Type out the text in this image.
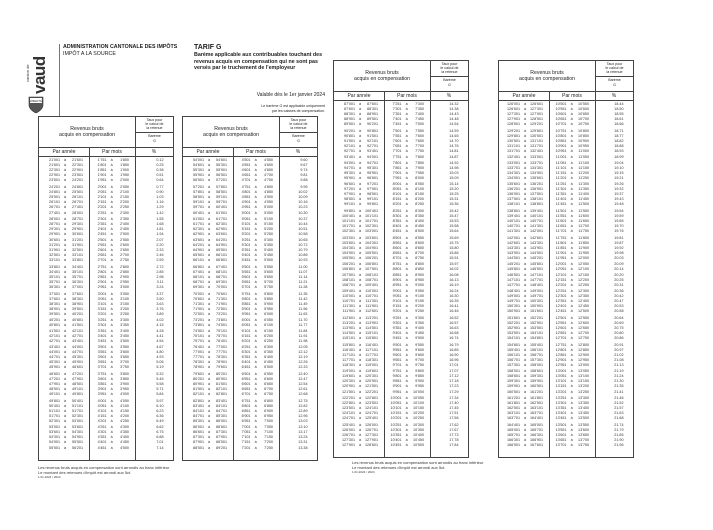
canton de vaud
LIBERTÉ
ADMINISTRATION CANTONALE DES IMPÔTS
IMPÔT A LA SOURCE
TARIF G
Barème applicable aux contribuables touchant des
revenus acquis en compensation qui ne sont pas
versés par le truchement de l'employeur
Valable dès le 1er janvier 2024
Le barème G est applicable uniquement
par les caisses de compensation.
Les revenus bruts acquis en compensation sont arrondis au franc inférieur
Le montant des retenues d'impôt est arrondi aux 5ct.
1.01.2024 / 2024
Les revenus bruts acquis en compensation sont arrondis au franc inférieur
Le montant des retenues d'impôt est arrondi aux 5ct.
1.01.2024 / 2024
Revenus bruts
acquis en compensation
Taux pour
le calcul de
la retenue
Barème
G
Par année	Par mois	%
21'001 à 21'601	1'751 à 1'800	0.12
21'601 à 22'301	1'801 à 1'850	0.25
22'301 à 22'901	1'851 à 1'900	0.38
22'901 à 23'501	1'901 à 1'950	0.51
23'501 à 24'201	1'951 à 2'000	0.64
24'201 à 24'801	2'001 à 2'050	0.77
24'801 à 25'501	2'051 à 2'100	0.90
25'501 à 26'101	2'101 à 2'150	1.03
26'101 à 26'701	2'151 à 2'200	1.16
26'701 à 27'401	2'201 à 2'250	1.29
27'401 à 28'001	2'251 à 2'300	1.42
28'001 à 28'701	2'301 à 2'350	1.55
28'701 à 29'301	2'351 à 2'400	1.68
29'301 à 29'901	2'401 à 2'450	1.81
29'901 à 30'601	2'451 à 2'500	1.94
30'601 à 31'201	2'501 à 2'550	2.07
31'201 à 31'901	2'551 à 2'600	2.20
31'901 à 32'501	2'601 à 2'650	2.33
32'501 à 33'101	2'651 à 2'700	2.46
33'101 à 33'801	2'701 à 2'750	2.59
33'801 à 34'401	2'751 à 2'800	2.72
34'401 à 35'101	2'801 à 2'850	2.85
35'101 à 35'701	2'851 à 2'900	2.98
35'701 à 36'301	2'901 à 2'950	3.11
36'301 à 37'001	2'951 à 3'000	3.24
37'001 à 37'601	3'001 à 3'050	3.37
37'601 à 38'301	3'051 à 3'100	3.50
38'301 à 38'901	3'101 à 3'150	3.63
38'901 à 39'501	3'151 à 3'200	3.76
39'501 à 40'201	3'201 à 3'250	3.89
40'201 à 40'801	3'251 à 3'300	4.02
40'801 à 41'501	3'301 à 3'350	4.15
41'501 à 42'101	3'351 à 3'400	4.28
42'101 à 42'701	3'401 à 3'450	4.41
42'701 à 43'401	3'451 à 3'500	4.54
43'401 à 44'001	3'501 à 3'550	4.67
44'001 à 44'701	3'551 à 3'600	4.80
44'701 à 45'301	3'601 à 3'650	4.93
45'301 à 45'901	3'651 à 3'700	5.06
45'901 à 46'601	3'701 à 3'750	5.19
46'601 à 47'201	3'751 à 3'800	5.32
47'201 à 47'901	3'801 à 3'850	5.45
47'901 à 48'501	3'851 à 3'900	5.58
48'501 à 49'101	3'901 à 3'950	5.71
49'101 à 49'801	3'951 à 4'000	5.84
49'801 à 50'401	4'001 à 4'050	5.97
50'401 à 51'101	4'051 à 4'100	6.10
51'101 à 51'701	4'101 à 4'150	6.23
51'701 à 52'301	4'151 à 4'200	6.36
52'301 à 53'001	4'201 à 4'250	6.49
53'001 à 53'601	4'251 à 4'300	6.62
53'601 à 54'301	4'301 à 4'350	6.75
54'301 à 54'901	4'351 à 4'400	6.88
54'901 à 55'501	4'401 à 4'450	7.01
55'501 à 56'201	4'451 à 4'500	7.14
Revenus bruts
acquis en compensation
Taux pour
le calcul de
la retenue
Barème
G
Par année	Par mois	%
54'001 à 54'601	4'501 à 4'550	9.60
54'601 à 55'301	4'551 à 4'600	9.67
55'301 à 55'901	4'601 à 4'650	9.74
55'901 à 56'501	4'651 à 4'700	9.81
56'501 à 57'201	4'701 à 4'750	9.88
57'201 à 57'801	4'751 à 4'800	9.95
57'801 à 58'501	4'801 à 4'850	10.02
58'501 à 59'101	4'851 à 4'900	10.09
59'101 à 59'701	4'901 à 4'950	10.16
59'701 à 60'401	4'951 à 5'000	10.23
60'401 à 61'001	5'001 à 5'050	10.30
61'001 à 61'701	5'051 à 5'100	10.37
61'701 à 62'301	5'101 à 5'150	10.44
62'301 à 62'901	5'151 à 5'200	10.51
62'901 à 63'601	5'201 à 5'250	10.58
63'601 à 64'201	5'251 à 5'300	10.65
64'201 à 64'901	5'301 à 5'350	10.72
64'901 à 65'501	5'351 à 5'400	10.79
65'501 à 66'101	5'401 à 5'450	10.86
66'101 à 66'801	5'451 à 5'500	10.93
66'801 à 67'401	5'501 à 5'550	11.00
67'401 à 68'101	5'551 à 5'600	11.07
68'101 à 68'701	5'601 à 5'650	11.14
68'701 à 69'301	5'651 à 5'700	11.21
69'301 à 70'001	5'701 à 5'750	11.28
70'001 à 70'601	5'751 à 5'800	11.35
70'601 à 71'301	5'801 à 5'850	11.42
71'301 à 71'901	5'851 à 5'900	11.49
71'901 à 72'501	5'901 à 5'950	11.56
72'501 à 73'201	5'951 à 6'000	11.63
73'201 à 73'801	6'001 à 6'050	11.70
73'801 à 74'501	6'051 à 6'100	11.77
74'501 à 75'101	6'101 à 6'150	11.84
75'101 à 75'701	6'151 à 6'200	11.91
75'701 à 76'401	6'201 à 6'250	11.98
76'401 à 77'001	6'251 à 6'300	12.05
77'001 à 77'701	6'301 à 6'350	12.12
77'701 à 78'301	6'351 à 6'400	12.19
78'301 à 78'901	6'401 à 6'450	12.26
78'901 à 79'601	6'451 à 6'500	12.33
79'601 à 80'201	6'501 à 6'550	12.40
80'201 à 80'901	6'551 à 6'600	12.47
80'901 à 81'501	6'601 à 6'650	12.54
81'501 à 82'101	6'651 à 6'700	12.61
82'101 à 82'801	6'701 à 6'750	12.68
82'801 à 83'401	6'751 à 6'800	12.75
83'401 à 84'101	6'801 à 6'850	12.82
84'101 à 84'701	6'851 à 6'900	12.89
84'701 à 85'301	6'901 à 6'950	12.96
85'301 à 86'001	6'951 à 7'000	13.03
86'001 à 86'601	7'001 à 7'050	13.10
86'601 à 87'301	7'051 à 7'100	13.17
87'301 à 87'901	7'101 à 7'150	13.24
87'901 à 88'501	7'151 à 7'200	13.31
88'501 à 89'201	7'201 à 7'250	13.38
Revenus bruts
acquis en compensation
Taux pour
le calcul de
la retenue
Barème
G
Par année	Par mois	%
87'001 à 87'601	7'251 à 7'300	14.32
87'601 à 88'301	7'301 à 7'350	14.38
88'301 à 88'901	7'351 à 7'400	14.43
88'901 à 89'501	7'401 à 7'450	14.48
89'501 à 90'201	7'451 à 7'500	14.54
90'201 à 90'801	7'501 à 7'550	14.59
90'801 à 91'501	7'551 à 7'600	14.65
91'501 à 92'101	7'601 à 7'650	14.70
92'101 à 92'701	7'651 à 7'700	14.76
92'701 à 93'401	7'701 à 7'750	14.81
93'401 à 94'001	7'751 à 7'800	14.87
94'001 à 94'701	7'801 à 7'850	14.92
94'701 à 95'301	7'851 à 7'900	14.98
95'301 à 95'901	7'901 à 7'950	15.03
95'901 à 96'601	7'951 à 8'000	15.09
96'601 à 97'201	8'001 à 8'050	15.14
97'201 à 97'901	8'051 à 8'100	15.20
97'901 à 98'501	8'101 à 8'150	15.25
98'501 à 99'101	8'151 à 8'200	15.31
99'101 à 99'801	8'201 à 8'250	15.36
99'801 à 100'401	8'251 à 8'300	15.42
100'401 à 101'101	8'301 à 8'350	15.47
101'101 à 101'701	8'351 à 8'400	15.53
101'701 à 102'301	8'401 à 8'450	15.58
102'301 à 103'001	8'451 à 8'500	15.64
103'001 à 103'601	8'501 à 8'550	15.69
103'601 à 104'301	8'551 à 8'600	15.75
104'301 à 104'901	8'601 à 8'650	15.80
104'901 à 105'501	8'651 à 8'700	15.86
105'501 à 106'201	8'701 à 8'750	15.91
106'201 à 106'801	8'751 à 8'800	15.97
106'801 à 107'501	8'801 à 8'850	16.02
107'501 à 108'101	8'851 à 8'900	16.08
108'101 à 108'701	8'901 à 8'950	16.13
108'701 à 109'401	8'951 à 9'000	16.19
109'401 à 110'001	9'001 à 9'050	16.24
110'001 à 110'701	9'051 à 9'100	16.30
110'701 à 111'301	9'101 à 9'150	16.35
111'301 à 111'901	9'151 à 9'200	16.41
111'901 à 112'601	9'201 à 9'250	16.46
112'601 à 113'201	9'251 à 9'300	16.52
113'201 à 113'901	9'301 à 9'350	16.57
113'901 à 114'501	9'351 à 9'400	16.63
114'501 à 115'101	9'401 à 9'450	16.68
115'101 à 115'801	9'451 à 9'500	16.74
115'801 à 116'401	9'501 à 9'550	16.79
116'401 à 117'101	9'551 à 9'600	16.85
117'101 à 117'701	9'601 à 9'650	16.90
117'701 à 118'301	9'651 à 9'700	16.96
118'301 à 119'001	9'701 à 9'750	17.01
119'001 à 119'601	9'751 à 9'800	17.07
119'601 à 120'301	9'801 à 9'850	17.12
120'301 à 120'901	9'851 à 9'900	17.18
120'901 à 121'501	9'901 à 9'950	17.23
121'501 à 122'201	9'951 à 10'000	17.29
122'201 à 122'801	10'001 à 10'050	17.34
122'801 à 123'501	10'051 à 10'100	17.40
123'501 à 124'101	10'101 à 10'150	17.45
124'101 à 124'701	10'151 à 10'200	17.51
124'701 à 125'401	10'201 à 10'250	17.56
125'401 à 126'001	10'251 à 10'300	17.62
126'001 à 126'701	10'301 à 10'350	17.67
126'701 à 127'301	10'351 à 10'400	17.73
127'301 à 127'901	10'401 à 10'450	17.78
127'901 à 128'601	10'451 à 10'500	17.84
Revenus bruts
acquis en compensation
Taux pour
le calcul de
la retenue
Barème
G
Par année	Par mois	%
126'001 à 126'601	10'501 à 10'550	18.44
126'601 à 127'301	10'551 à 10'600	18.50
127'301 à 127'901	10'601 à 10'650	18.55
127'901 à 128'501	10'651 à 10'700	18.61
128'501 à 129'201	10'701 à 10'750	18.66
129'201 à 129'801	10'751 à 10'800	18.71
129'801 à 130'501	10'801 à 10'850	18.77
130'501 à 131'101	10'851 à 10'900	18.82
131'101 à 131'701	10'901 à 10'950	18.88
131'701 à 132'401	10'951 à 11'000	18.93
132'401 à 133'001	11'001 à 11'050	18.99
133'001 à 133'701	11'051 à 11'100	19.04
133'701 à 134'301	11'101 à 11'150	19.10
134'301 à 134'901	11'151 à 11'200	19.15
134'901 à 135'601	11'201 à 11'250	19.21
135'601 à 136'201	11'251 à 11'300	19.26
136'201 à 136'901	11'301 à 11'350	19.32
136'901 à 137'501	11'351 à 11'400	19.37
137'501 à 138'101	11'401 à 11'450	19.43
138'101 à 138'801	11'451 à 11'500	19.48
138'801 à 139'401	11'501 à 11'550	19.54
139'401 à 140'101	11'551 à 11'600	19.59
140'101 à 140'701	11'601 à 11'650	19.65
140'701 à 141'301	11'651 à 11'700	19.70
141'301 à 142'001	11'701 à 11'750	19.76
142'001 à 142'601	11'751 à 11'800	19.81
142'601 à 143'301	11'801 à 11'850	19.87
143'301 à 143'901	11'851 à 11'900	19.92
143'901 à 144'501	11'901 à 11'950	19.98
144'501 à 145'201	11'951 à 12'000	20.03
145'201 à 145'801	12'001 à 12'050	20.09
145'801 à 146'501	12'051 à 12'100	20.14
146'501 à 147'101	12'101 à 12'150	20.20
147'101 à 147'701	12'151 à 12'200	20.25
147'701 à 148'401	12'201 à 12'250	20.31
148'401 à 149'001	12'251 à 12'300	20.36
149'001 à 149'701	12'301 à 12'350	20.42
149'701 à 150'301	12'351 à 12'400	20.47
150'301 à 150'901	12'401 à 12'450	20.53
150'901 à 151'601	12'451 à 12'500	20.58
151'601 à 152'201	12'501 à 12'550	20.64
152'201 à 152'901	12'551 à 12'600	20.69
152'901 à 153'501	12'601 à 12'650	20.75
153'501 à 154'101	12'651 à 12'700	20.80
154'101 à 154'801	12'701 à 12'750	20.86
154'801 à 155'401	12'751 à 12'800	20.91
155'401 à 156'101	12'801 à 12'850	20.97
156'101 à 156'701	12'851 à 12'900	21.02
156'701 à 157'301	12'901 à 12'950	21.08
157'301 à 158'001	12'951 à 13'000	21.13
158'001 à 158'601	13'001 à 13'050	21.19
158'601 à 159'301	13'051 à 13'100	21.24
159'301 à 159'901	13'101 à 13'150	21.30
159'901 à 160'501	13'151 à 13'200	21.35
160'501 à 161'201	13'201 à 13'250	21.41
161'201 à 161'801	13'251 à 13'300	21.46
161'801 à 162'501	13'301 à 13'350	21.52
162'501 à 163'101	13'351 à 13'400	21.57
163'101 à 163'701	13'401 à 13'450	21.63
163'701 à 164'401	13'451 à 13'500	21.68
164'401 à 165'001	13'501 à 13'550	21.74
165'001 à 165'701	13'551 à 13'600	21.79
165'701 à 166'301	13'601 à 13'650	21.85
166'301 à 166'901	13'651 à 13'700	21.90
166'901 à 167'601	13'701 à 13'750	21.96
